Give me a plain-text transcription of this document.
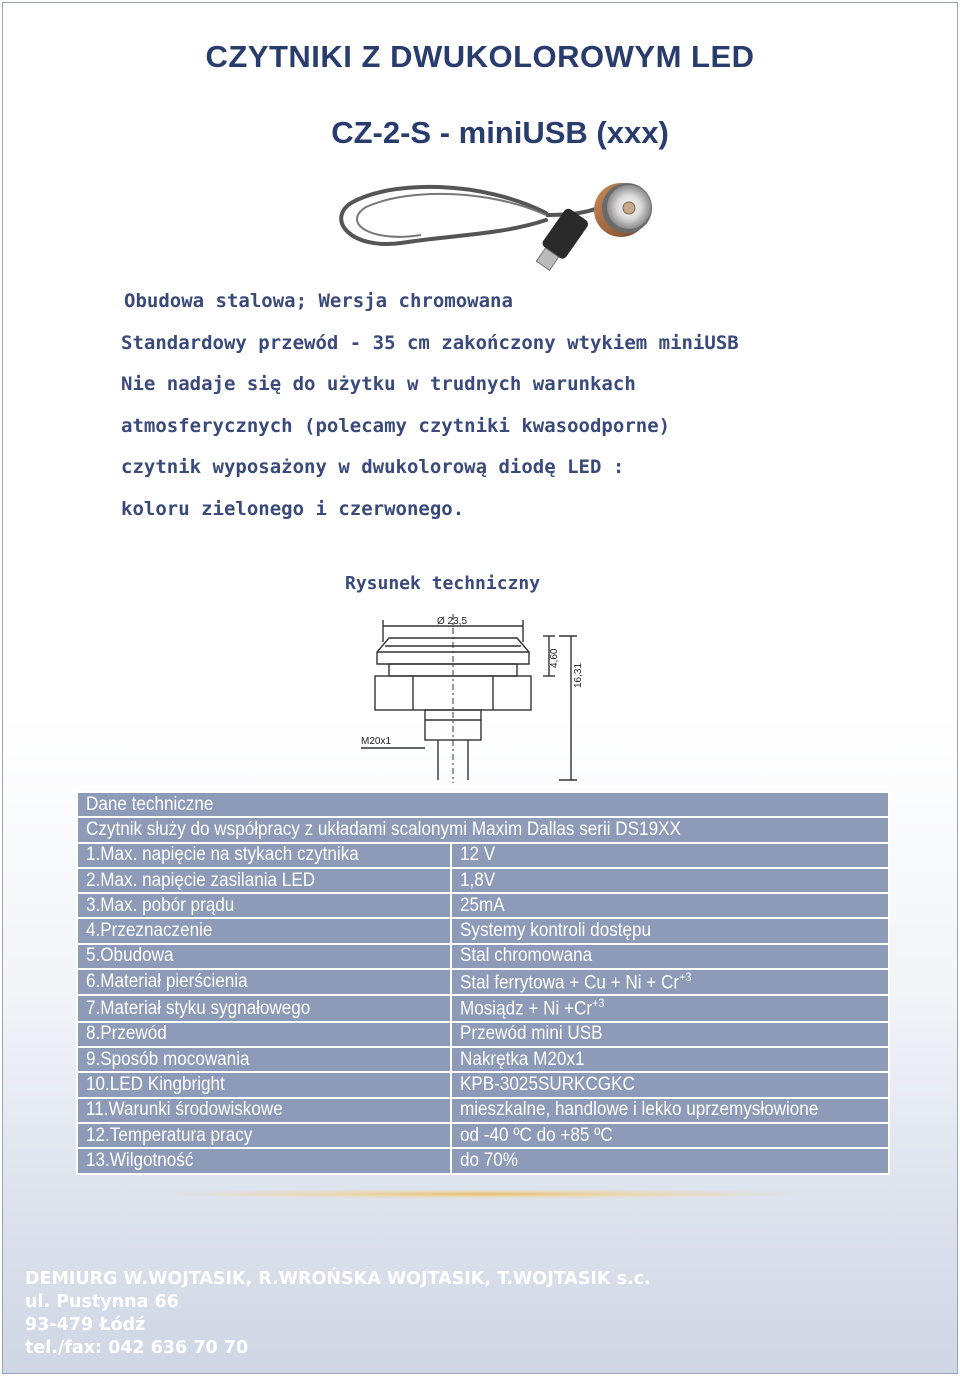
CZYTNIKI Z DWUKOLOROWYM LED
CZ-2-S - miniUSB (xxx)
Obudowa stalowa; Wersja chromowana
Standardowy przewód - 35 cm zakończony wtykiem miniUSB
Nie nadaje się do użytku w trudnych warunkach
atmosferycznych (polecamy czytniki kwasoodporne)
czytnik wyposażony w dwukolorową diodę LED :
koloru zielonego i czerwonego.
Rysunek techniczny
Ø 23,5
M20x1
4,60
16,31
Dane techniczne	
Czytnik służy do współpracy z układami scalonymi Maxim Dallas serii DS19XX	
1.Max. napięcie na stykach czytnika	12 V
2.Max. napięcie zasilania LED	1,8V
3.Max. pobór prądu	25mA
4.Przeznaczenie	Systemy kontroli dostępu
5.Obudowa	Stal chromowana
6.Materiał pierścienia	Stal ferrytowa + $Cu + Ni + Cr^{+3}$
7.Materiał styku sygnałowego	Mosiądz + $Ni +Cr^{+3}$
8.Przewód	Przewód mini USB
9.Sposób mocowania	Nakrętka M20x1
10.LED Kingbright	KPB-3025SURKCGKC
11.Warunki środowiskowe	mieszkalne, handlowe i lekko uprzemysłowione
12.Temperatura pracy	od -40 ºC do +85 ºC
13.Wilgotność	do 70%
DEMIURG W.WOJTASIK, R.WROŃSKA WOJTASIK, T.WOJTASIK s.c.
ul. Pustynna 66
93-479 Łódź
tel./fax: 042 636 70 70
